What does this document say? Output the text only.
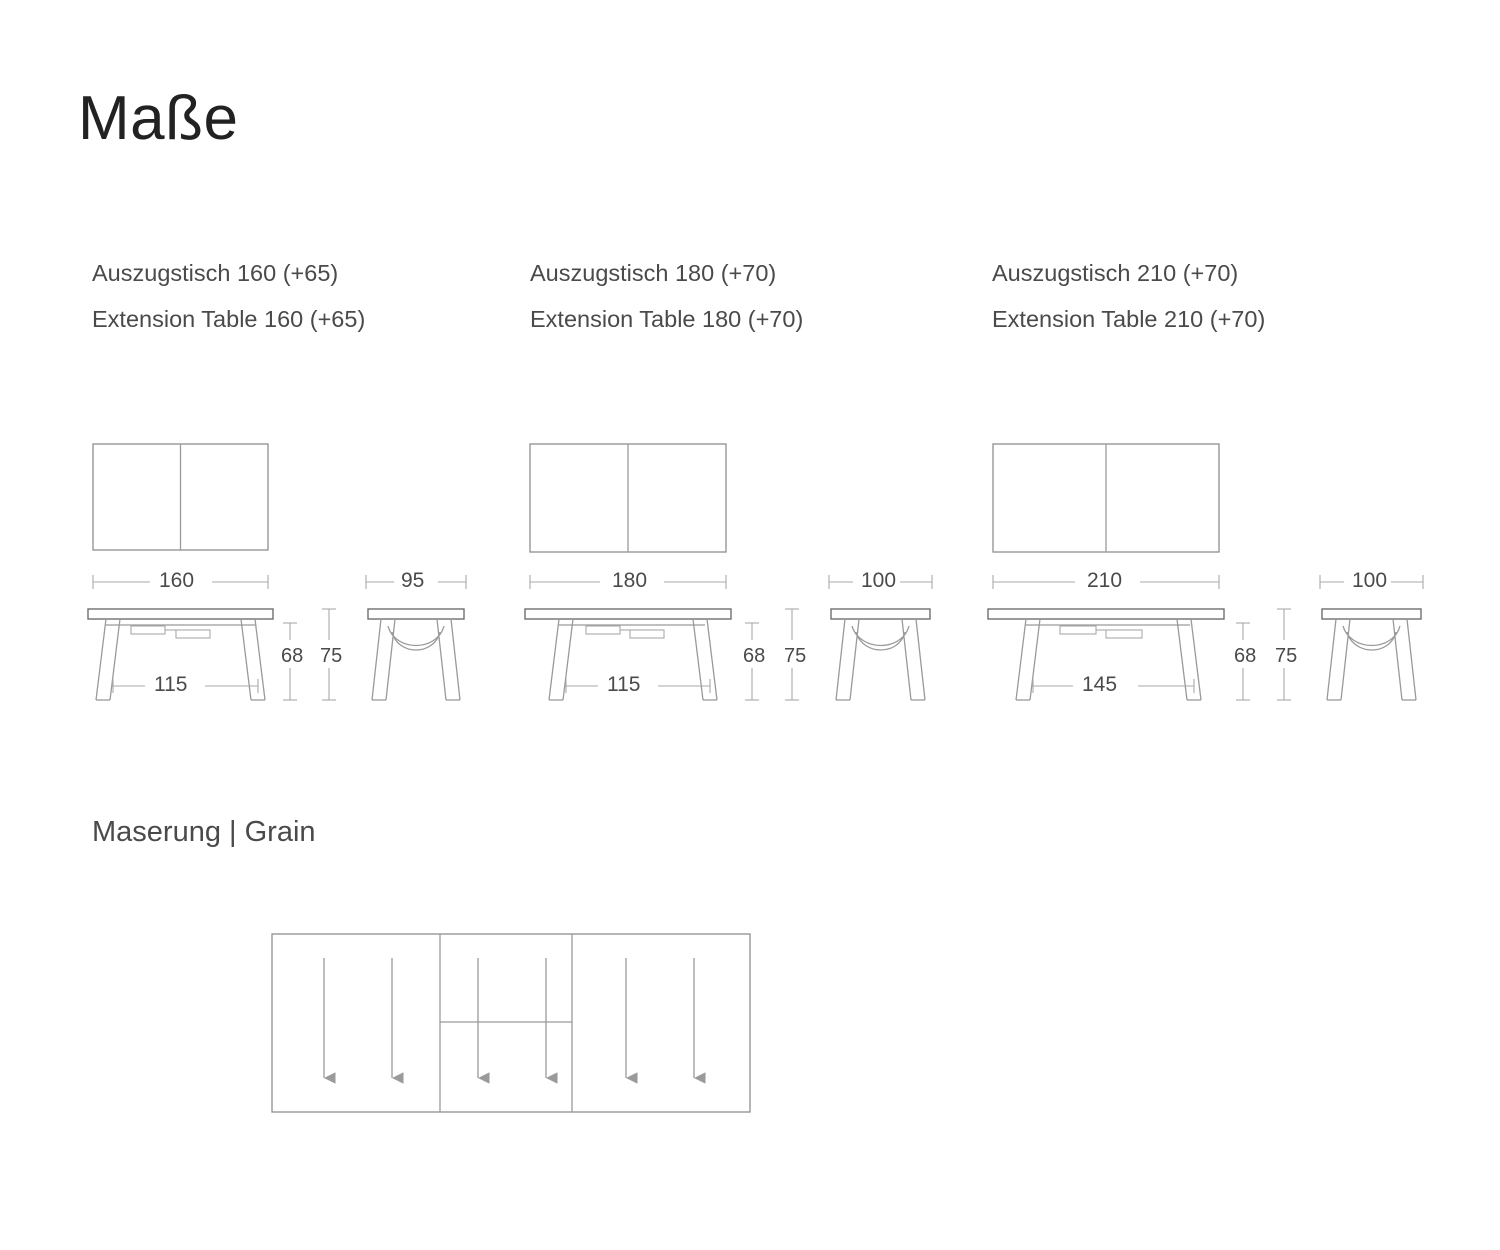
Maße
Auszugstisch 160 (+65)
Extension Table 160 (+65)
Auszugstisch 180 (+70)
Extension Table 180 (+70)
Auszugstisch 210 (+70)
Extension Table 210 (+70)
Maserung | Grain
160	95
115
68 75
180	100
115
68 75
210	100
145
68 75
